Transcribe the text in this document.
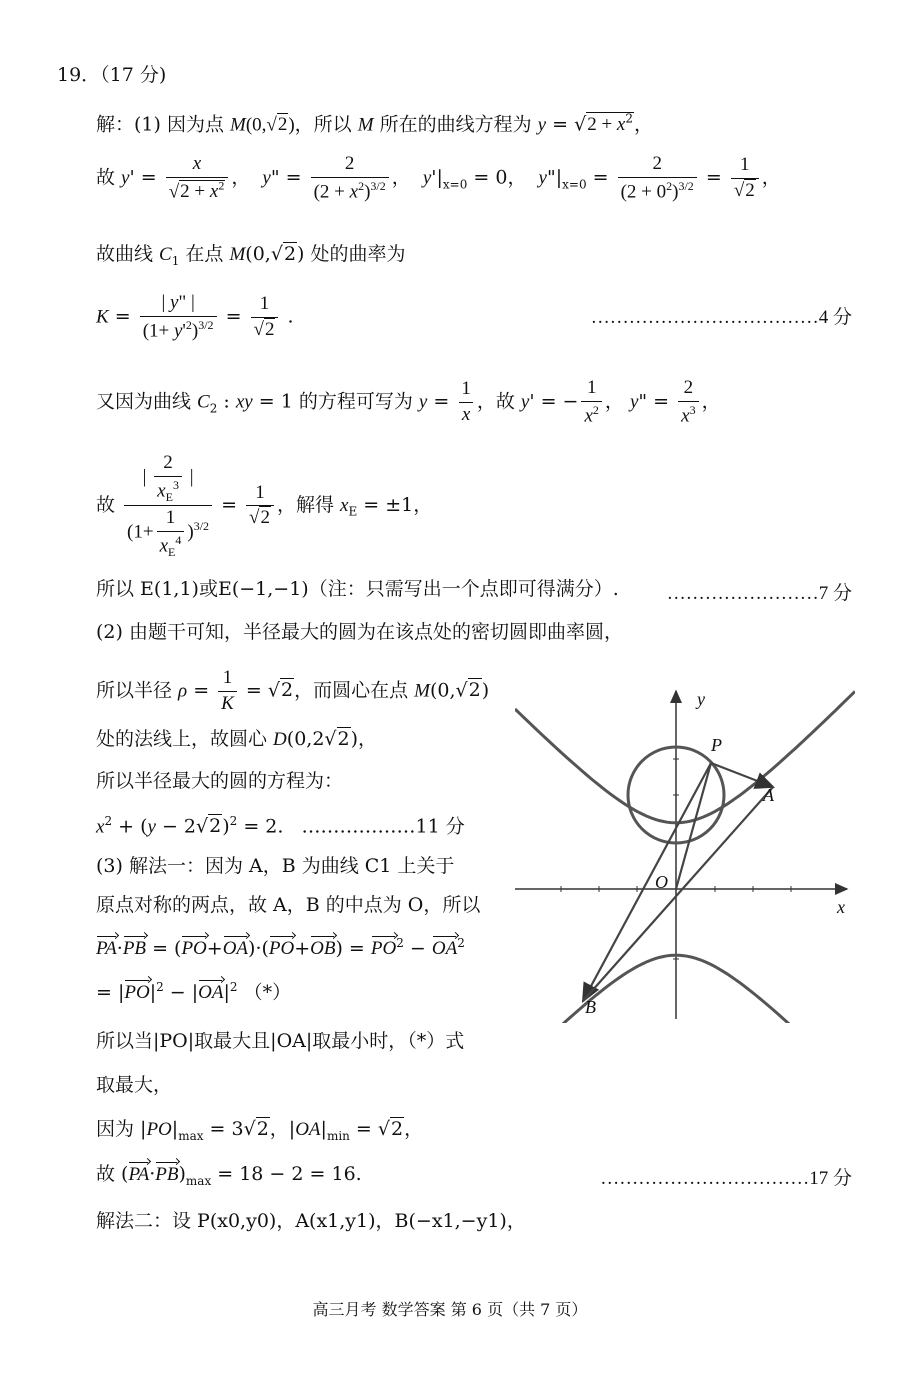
19．（17 分)
解：(1) 因为点 M(0,√2)，所以 M 所在的曲线方程为 $y = √2 + x^2$，
故 $y' = \frac{x}{√2 + x^2}$ ，  y" = $\frac{2}{(2 + x^2)^{3/2}}$ ，  $y'|_{x=0} = 0$，  $y"|_{x=0} = \frac{2}{(2 + 0^2)^{3/2}} = \frac{1}{√2}$ ，
故曲线 $C_1$ 在点 M(0,√2) 处的曲率为
$K = \frac{| y" |}{(1+ y'^2)^{3/2}} = \frac{1}{√2}$ .	………………………………4 分
又因为曲线 $C_2$ : xy = 1 的方程可写为 $y = \frac{1}{x}$ ，故 y' = − $\frac{1}{x^2}$ ， y" = $\frac{2}{x^3}$ ，
故 $\frac{| \frac{2}{x_E^3} |}{(1+ \frac{1}{x_E^4} )^{3/2}} = \frac{1}{√2}$ ，解得 $x_E = \pm 1$，
所以 E(1,1)或E(−1,−1)（注：只需写出一个点即可得满分）.	……………………7 分
(2) 由题干可知，半径最大的圆为在该点处的密切圆即曲率圆，
所以半径 $\rho = \frac{1}{K} = √2$，而圆心在点 M(0,√2)
处的法线上，故圆心 D(0,2√2)，
所以半径最大的圆的方程为：
$x^2 + (y - 2√2)^2 = 2$.   ………………11 分
(3) 解法一：因为 A，B 为曲线 C1 上关于
原点对称的两点，故 A，B 的中点为 O，所以
$PA\cdot PB = (PO+OA)\cdot(PO+OB) = PO^2 - OA^2$
= $|PO|^2 - |OA|^2$ （*）
所以当|PO|取最大且|OA|取最小时，（*）式
取最大，
因为 $|PO|_{max} = 3√2$，$|OA|_{min} = √2$，
故 $(PA\cdot PB)_{max} = 18 - 2 = 16$.	……………………………17 分
解法二：设 P(x0,y0)，A(x1,y1)，B(−x1,−y1)，
y
x
O
P
A
B
高三月考 数学答案 第 6 页（共 7 页）
